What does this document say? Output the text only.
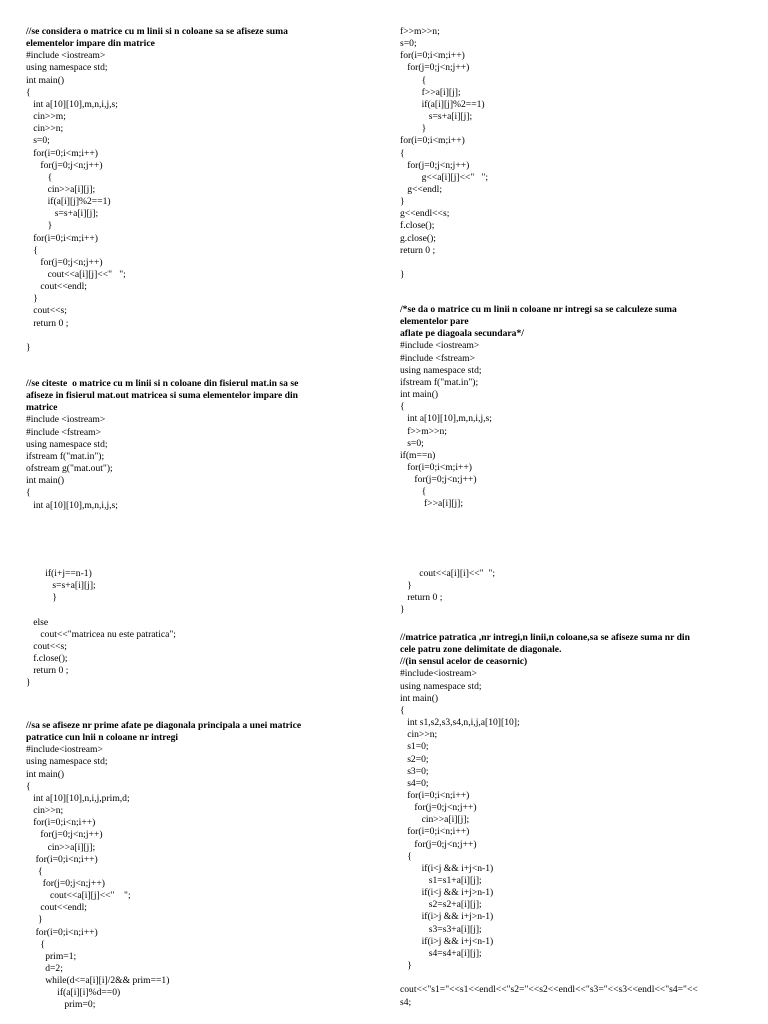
//se considera o matrice cu m linii si n coloane sa se afiseze suma
elementelor impare din matrice
#include <iostream>
using namespace std;
int main()
{
int a[10][10],m,n,i,j,s;
cin>>m;
cin>>n;
s=0;
for(i=0;i<m;i++)
for(j=0;j<n;j++)
{
cin>>a[i][j];
if(a[i][j]%2==1)
s=s+a[i][j];
}
for(i=0;i<m;i++)
{
for(j=0;j<n;j++)
cout<<a[i][j]<<"   ";
cout<<endl;
}
cout<<s;
return 0 ;
}
//se citeste  o matrice cu m linii si n coloane din fisierul mat.in sa se
afiseze in fisierul mat.out matricea si suma elementelor impare din
matrice
#include <iostream>
#include <fstream>
using namespace std;
ifstream f("mat.in");
ofstream g("mat.out");
int main()
{
int a[10][10],m,n,i,j,s;
if(i+j==n-1)
s=s+a[i][j];
}
else
cout<<"matricea nu este patratica";
cout<<s;
f.close();
return 0 ;
}
//sa se afiseze nr prime afate pe diagonala principala a unei matrice
patratice cun lnii n coloane nr intregi
#include<iostream>
using namespace std;
int main()
{
int a[10][10],n,i,j,prim,d;
cin>>n;
for(i=0;i<n;i++)
for(j=0;j<n;j++)
cin>>a[i][j];
for(i=0;i<n;i++)
{
for(j=0;j<n;j++)
cout<<a[i][j]<<"    ";
cout<<endl;
}
for(i=0;i<n;i++)
{
prim=1;
d=2;
while(d<=a[i][i]/2&& prim==1)
if(a[i][i]%d==0)
prim=0;
f>>m>>n;
s=0;
for(i=0;i<m;i++)
for(j=0;j<n;j++)
{
f>>a[i][j];
if(a[i][j]%2==1)
s=s+a[i][j];
}
for(i=0;i<m;i++)
{
for(j=0;j<n;j++)
g<<a[i][j]<<"   ";
g<<endl;
}
g<<endl<<s;
f.close();
g.close();
return 0 ;
}
/*se da o matrice cu m linii n coloane nr intregi sa se calculeze suma
elementelor pare
aflate pe diagoala secundara*/
#include <iostream>
#include <fstream>
using namespace std;
ifstream f("mat.in");
int main()
{
int a[10][10],m,n,i,j,s;
f>>m>>n;
s=0;
if(m==n)
for(i=0;i<m;i++)
for(j=0;j<n;j++)
{
f>>a[i][j];
cout<<a[i][i]<<"  ";
}
return 0 ;
}
//matrice patratica ,nr intregi,n linii,n coloane,sa se afiseze suma nr din
cele patru zone delimitate de diagonale.
//(in sensul acelor de ceasornic)
#include<iostream>
using namespace std;
int main()
{
int s1,s2,s3,s4,n,i,j,a[10][10];
cin>>n;
s1=0;
s2=0;
s3=0;
s4=0;
for(i=0;i<n;i++)
for(j=0;j<n;j++)
cin>>a[i][j];
for(i=0;i<n;i++)
for(j=0;j<n;j++)
{
if(i<j && i+j<n-1)
s1=s1+a[i][j];
if(i<j && i+j>n-1)
s2=s2+a[i][j];
if(i>j && i+j>n-1)
s3=s3+a[i][j];
if(i>j && i+j<n-1)
s4=s4+a[i][j];
}
cout<<"s1="<<s1<<endl<<"s2="<<s2<<endl<<"s3="<<s3<<endl<<"s4="<<
s4;
